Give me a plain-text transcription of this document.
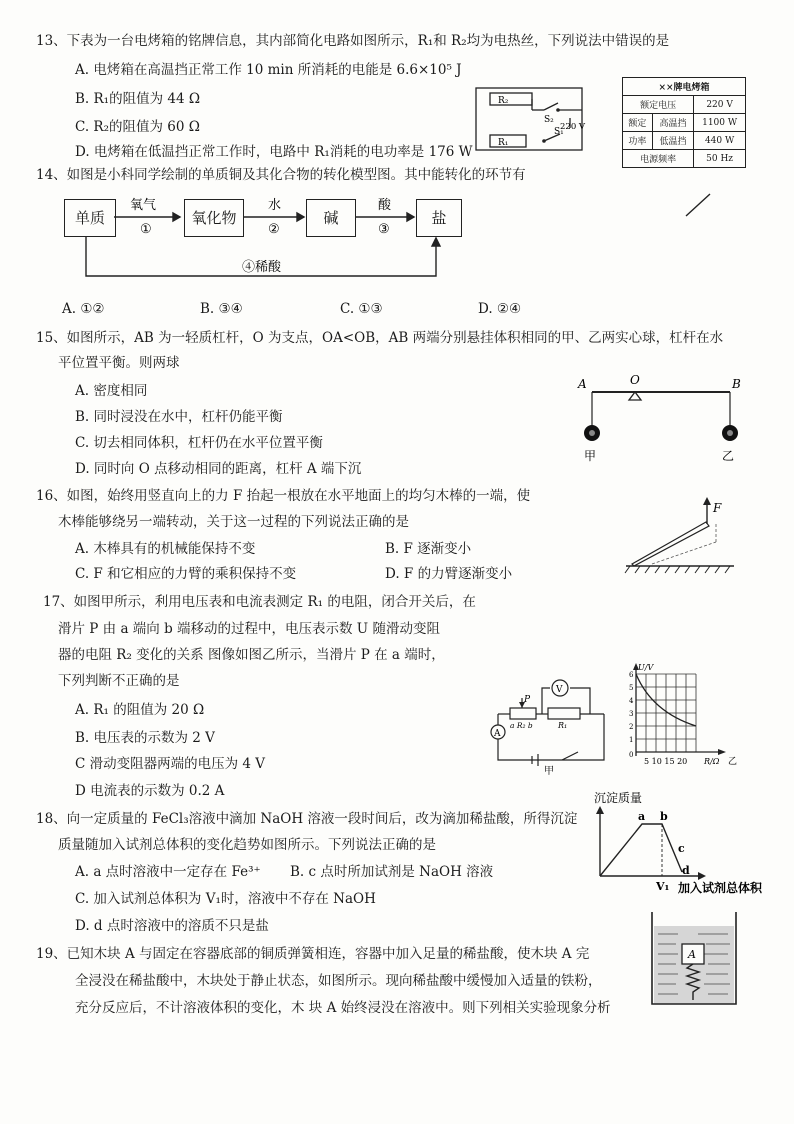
13、下表为一台电烤箱的铭牌信息，其内部简化电路如图所示，R₁和 R₂均为电热丝，下列说法中错误的是
A. 电烤箱在高温挡正常工作 10 min 所消耗的电能是 6.6×10⁵ J
B. R₁的阻值为 44 Ω
C. R₂的阻值为 60 Ω
D. 电烤箱在低温挡正常工作时，电路中 R₁消耗的电功率是 176 W
R₂
S₂
R₁
S₁
220 V
××牌电烤箱		
额定电压		220 V
额定	高温挡	1100 W
功率	低温挡	440 W
电源频率		50 Hz
14、如图是小科同学绘制的单质铜及其化合物的转化模型图。其中能转化的环节有
氧气
①
水
②
酸
③
④稀酸
单质	氧化物	碱	盐
A. ①②	B. ③④	C. ①③	D. ②④
15、如图所示，AB 为一轻质杠杆，O 为支点，OA<OB，AB 两端分别悬挂体积相同的甲、乙两实心球，杠杆在水
平位置平衡。则两球
A. 密度相同
B. 同时浸没在水中，杠杆仍能平衡
C. 切去相同体积，杠杆仍在水平位置平衡
D. 同时向 O 点移动相同的距离，杠杆 A 端下沉
A	O	B
甲	乙
16、如图，始终用竖直向上的力 F 抬起一根放在水平地面上的均匀木棒的一端，使
木棒能够绕另一端转动，关于这一过程的下列说法正确的是
A. 木棒具有的机械能保持不变	B. F 逐渐变小
C. F 和它相应的力臂的乘积保持不变	D. F 的力臂逐渐变小
F
17、如图甲所示，利用电压表和电流表测定 R₁ 的电阻，闭合开关后，在
滑片 P 由 a 端向 b 端移动的过程中，电压表示数 U 随滑动变阻
器的电阻 R₂ 变化的关系 图像如图乙所示，当滑片 P 在 a 端时，
下列判断不正确的是
A. R₁ 的阻值为 20 Ω
B. 电压表的示数为 2 V
C 滑动变阻器两端的电压为 4 V
D 电流表的示数为 0.2 A
A
V
P
a R₂ b	R₁
甲
6
5
4
3
2
1
0
U/V
5 10 15 20 R/Ω 乙
18、向一定质量的 FeCl₃溶液中滴加 NaOH 溶液一段时间后，改为滴加稀盐酸，所得沉淀
质量随加入试剂总体积的变化趋势如图所示。下列说法正确的是
A. a 点时溶液中一定存在 Fe³⁺ B. c 点时所加试剂是 NaOH 溶液
C. 加入试剂总体积为 V₁时，溶液中不存在 NaOH
D. d 点时溶液中的溶质不只是盐
沉淀质量
a b
c
d
V₁ 加入试剂总体积
19、已知木块 A 与固定在容器底部的铜质弹簧相连，容器中加入足量的稀盐酸，使木块 A 完
全浸没在稀盐酸中，木块处于静止状态，如图所示。现向稀盐酸中缓慢加入适量的铁粉，
充分反应后，不计溶液体积的变化，木 块 A 始终浸没在溶液中。则下列相关实验现象分析
A
